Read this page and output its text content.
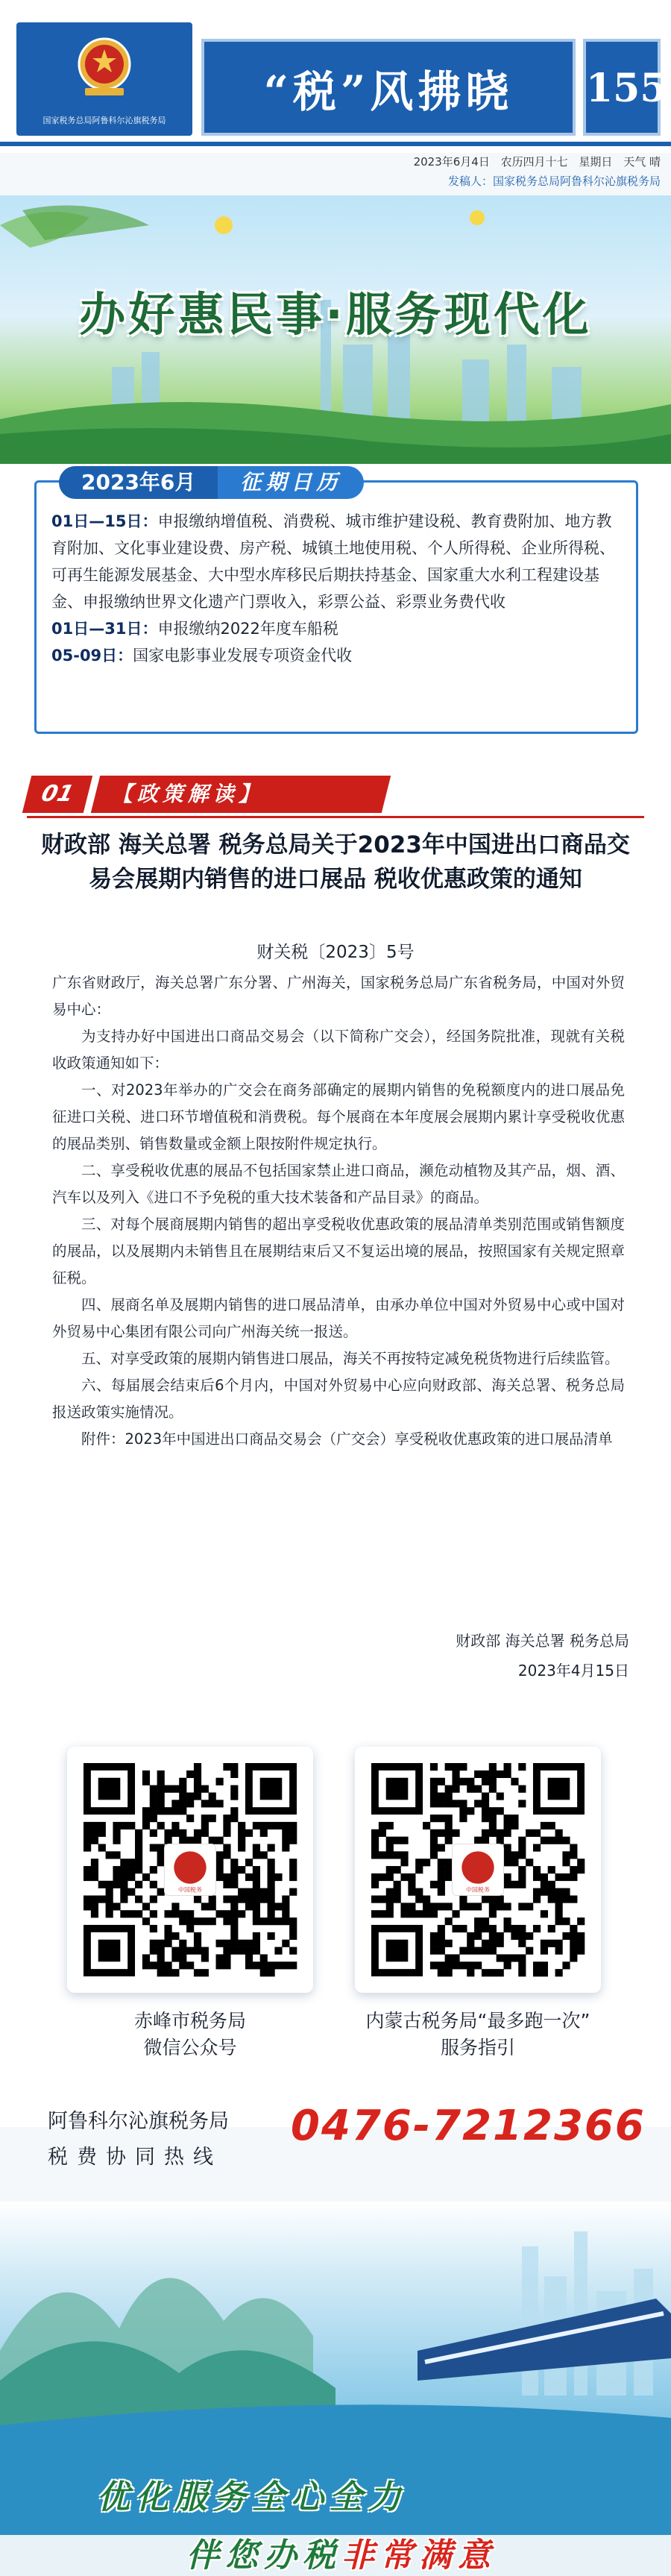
国家税务总局阿鲁科尔沁旗税务局
“税”风拂晓	155
2023年6月4日 农历四月十七 星期日 天气 晴
发稿人：国家税务总局阿鲁科尔沁旗税务局
办好惠民事·服务现代化
2023年6月	征期日历
01日—15日：申报缴纳增值税、消费税、城市维护建设税、教育费附加、地方教育附加、文化事业建设费、房产税、城镇土地使用税、个人所得税、企业所得税、可再生能源发展基金、大中型水库移民后期扶持基金、国家重大水利工程建设基金、申报缴纳世界文化遗产门票收入，彩票公益、彩票业务费代收
01日—31日：申报缴纳2022年度车船税
05-09日：国家电影事业发展专项资金代收
01	【政策解读】
财政部 海关总署 税务总局关于2023年中国进出口商品交易会展期内销售的进口展品 税收优惠政策的通知
财关税〔2023〕5号

广东省财政厅，海关总署广东分署、广州海关，国家税务总局广东省税务局，中国对外贸易中心：

为支持办好中国进出口商品交易会（以下简称广交会），经国务院批准，现就有关税收政策通知如下：

一、对2023年举办的广交会在商务部确定的展期内销售的免税额度内的进口展品免征进口关税、进口环节增值税和消费税。每个展商在本年度展会展期内累计享受税收优惠的展品类别、销售数量或金额上限按附件规定执行。

二、享受税收优惠的展品不包括国家禁止进口商品，濒危动植物及其产品，烟、酒、汽车以及列入《进口不予免税的重大技术装备和产品目录》的商品。

三、对每个展商展期内销售的超出享受税收优惠政策的展品清单类别范围或销售额度的展品，以及展期内未销售且在展期结束后又不复运出境的展品，按照国家有关规定照章征税。

四、展商名单及展期内销售的进口展品清单，由承办单位中国对外贸易中心或中国对外贸易中心集团有限公司向广州海关统一报送。

五、对享受政策的展期内销售进口展品，海关不再按特定减免税货物进行后续监管。

六、每届展会结束后6个月内，中国对外贸易中心应向财政部、海关总署、税务总局报送政策实施情况。

附件：2023年中国进出口商品交易会（广交会）享受税收优惠政策的进口展品清单

财政部 海关总署 税务总局
2023年4月15日
中国税务
赤峰市税务局
微信公众号
中国税务
内蒙古税务局“最多跑一次”
服务指引
阿鲁科尔沁旗税务局
税费协同热线
0476-7212366
优化服务全心全力
伴您办税非常满意
